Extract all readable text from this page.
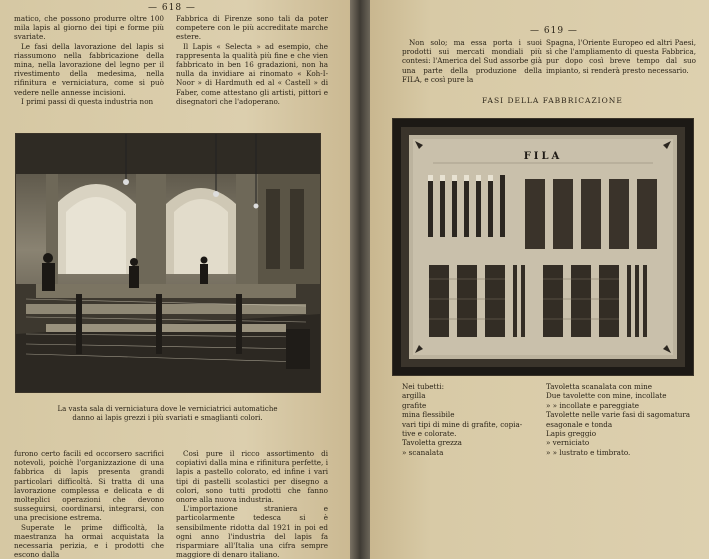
— 618 —

matico, che possono produrre oltre 100 mila lapis al giorno dei tipi e forme più svariate.

Le fasi della lavorazione del lapis si riassumono nella fabbricazione della mina, nella lavorazione del legno per il rivestimento della medesima, nella rifinitura e verniciatura, come si può vedere nelle annesse incisioni.

I primi passi di questa industria non

Fabbrica di Firenze sono tali da poter competere con le più accreditate marche estere.

Il Lapis « Selecta » ad esempio, che rappresenta la qualità più fine e che vien fabbricato in ben 16 gradazioni, non ha nulla da invidiare ai rinomato « Koh-I-Noor » di Hardmuth ed al « Castell » di Faber, come attestano gli artisti, pittori e disegnatori che l'adoperano.

La vasta sala di verniciatura dove le verniciatrici automatiche danno ai lapis grezzi i più svariati e smaglianti colori.

furono certo facili ed occorsero sacrifici notevoli, poichè l'organizzazione di una fabbrica di lapis presenta grandi particolari difficoltà. Si tratta di una lavorazione complessa e delicata e di molteplici operazioni che devono susseguirsi, coordinarsi, integrarsi, con una precisione estrema.

Superate le prime difficoltà, la maestranza ha ormai acquistata la necessaria perizia, e i prodotti che escono dalla

Così pure il ricco assortimento di copiativi dalla mina e rifinitura perfette, i lapis a pastello colorato, ed infine i vari tipi di pastelli scolastici per disegno a colori, sono tutti prodotti che fanno onore alla nuova industria.

L'importazione straniera e particolarmente tedesca si è sensibilmente ridotta dal 1921 in poi ed ogni anno l'industria del lapis fa risparmiare all'Italia una cifra sempre maggiore di denaro italiano.

— 619 —

Non solo; ma essa porta i suoi prodotti sui mercati mondiali più contesi: l'America del Sud assorbe già una parte della produzione della FILA, e così pure la

Spagna, l'Oriente Europeo ed altri Paesi, sì che l'ampliamento di questa Fabbrica, pur dopo così breve tempo dal suo impianto, si renderà presto necessario.

FASI DELLA FABBRICAZIONE
FILA
Nei tubetti:
argilla
grafite
mina flessibile
vari tipi di mine di grafite, copia-
tive e colorate.
Tavoletta grezza
» scanalata
Tavoletta scanalata con mine
Due tavolette con mine, incollate
» » incollate e pareggiate
Tavolette nelle varie fasi di sagomatura
esagonale e tonda
Lapis greggio
» verniciato
» » lustrato e timbrato.
